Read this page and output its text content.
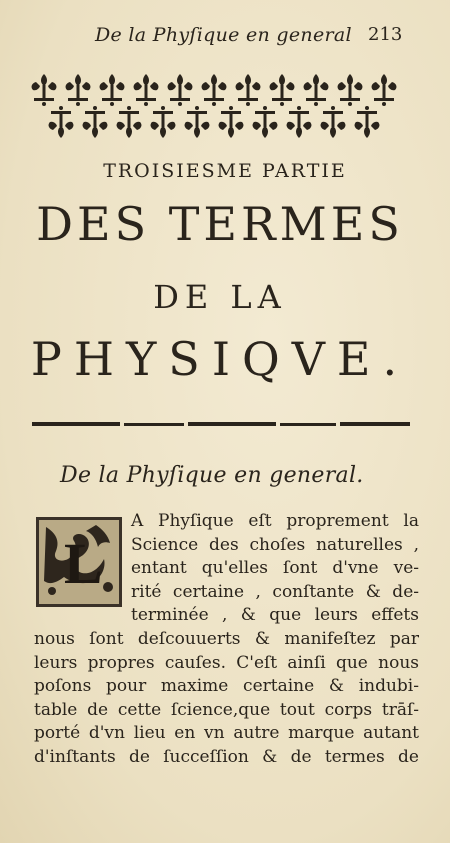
De la Phyſique en general 213
TROISIESME PARTIE
DES TERMES
DE LA
PHYSIQVE.
De la Phyſique en general.
L
A Phyſique eſt proprement la
Science des choſes naturelles ,
entant qu'elles ſont d'vne ve-
rité certaine , conſtante & de-
terminée , & que leurs effets
nous ſont deſcouuerts & manifeſtez par
leurs propres cauſes. C'eſt ainſi que nous
poſons pour maxime certaine & indubi-
table de cette ſcience,que tout corps trāſ-
porté d'vn lieu en vn autre marque autant
d'inſtants de ſucceſſion & de termes de
